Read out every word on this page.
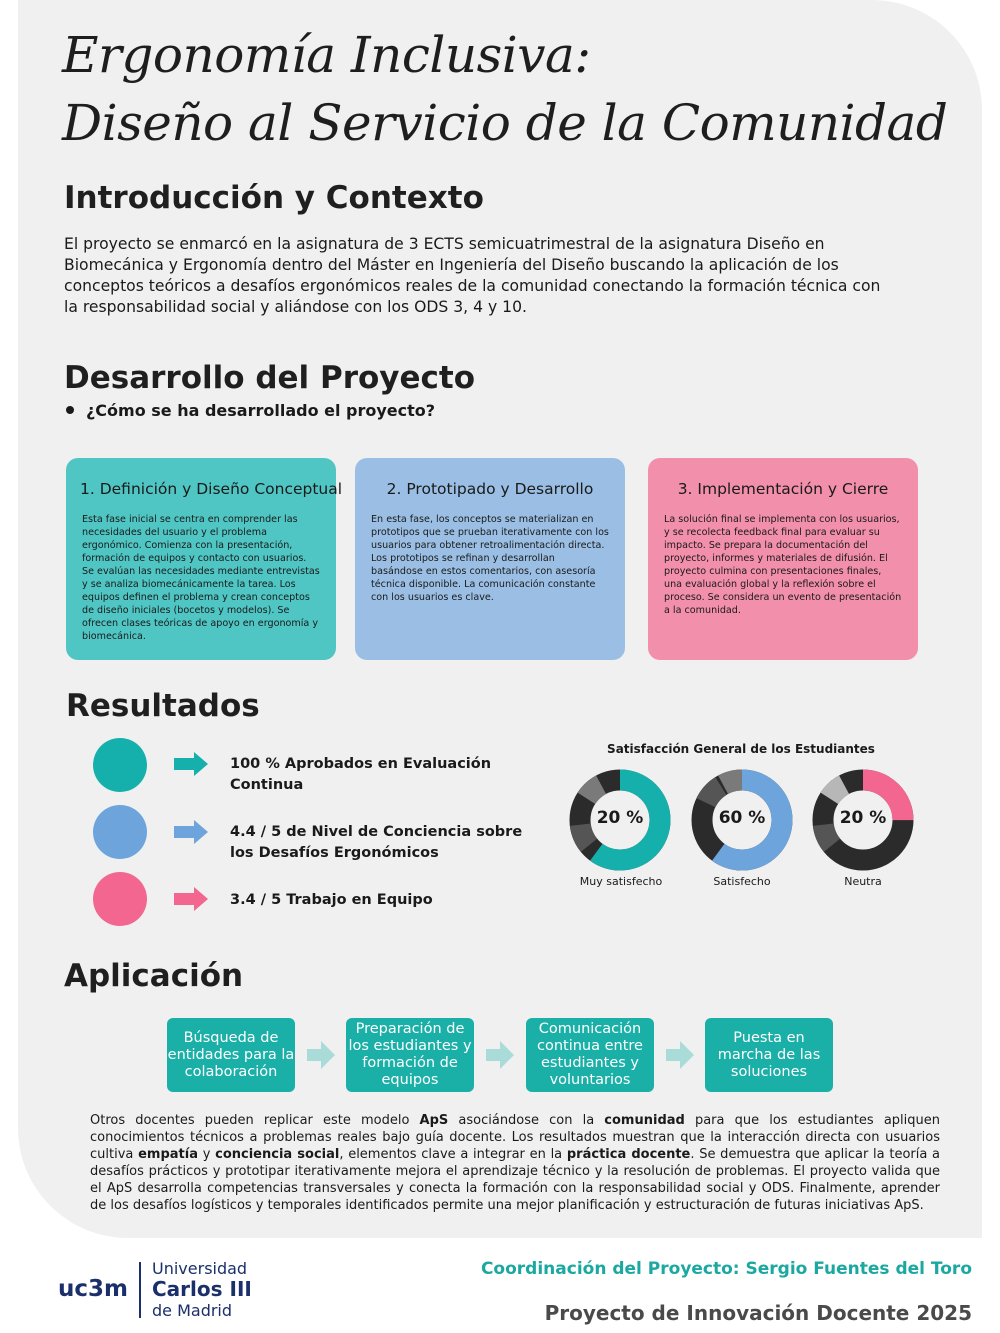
Ergonomía Inclusiva:
Diseño al Servicio de la Comunidad
Introducción y Contexto
El proyecto se enmarcó en la asignatura de 3 ECTS semicuatrimestral de la asignatura Diseño en Biomecánica y Ergonomía dentro del Máster en Ingeniería del Diseño buscando la aplicación de los conceptos teóricos a desafíos ergonómicos reales de la comunidad conectando la formación técnica con la responsabilidad social y aliándose con los ODS 3, 4 y 10.
Desarrollo del Proyecto
¿Cómo se ha desarrollado el proyecto?
1. Definición y Diseño Conceptual
Esta fase inicial se centra en comprender las necesidades del usuario y el problema ergonómico. Comienza con la presentación, formación de equipos y contacto con usuarios. Se evalúan las necesidades mediante entrevistas y se analiza biomecánicamente la tarea. Los equipos definen el problema y crean conceptos de diseño iniciales (bocetos y modelos). Se ofrecen clases teóricas de apoyo en ergonomía y biomecánica.
2. Prototipado y Desarrollo
En esta fase, los conceptos se materializan en prototipos que se prueban iterativamente con los usuarios para obtener retroalimentación directa. Los prototipos se refinan y desarrollan basándose en estos comentarios, con asesoría técnica disponible. La comunicación constante con los usuarios es clave.
3. Implementación y Cierre
La solución final se implementa con los usuarios, y se recolecta feedback final para evaluar su impacto. Se prepara la documentación del proyecto, informes y materiales de difusión. El proyecto culmina con presentaciones finales, una evaluación global y la reflexión sobre el proceso. Se considera un evento de presentación a la comunidad.
Resultados
100 % Aprobados en Evaluación Continua
4.4 / 5 de Nivel de Conciencia sobre los Desafíos Ergonómicos
3.4 / 5 Trabajo en Equipo
Satisfacción General de los Estudiantes
20 %	60 %	20 %
Muy satisfecho	Satisfecho	Neutra
Aplicación
Búsqueda de entidades para la colaboración
Preparación de los estudiantes y formación de equipos
Comunicación continua entre estudiantes y voluntarios
Puesta en marcha de las soluciones
Otros docentes pueden replicar este modelo ApS asociándose con la comunidad para que los estudiantes apliquen conocimientos técnicos a problemas reales bajo guía docente. Los resultados muestran que la interacción directa con usuarios cultiva empatía y conciencia social, elementos clave a integrar en la práctica docente. Se demuestra que aplicar la teoría a desafíos prácticos y prototipar iterativamente mejora el aprendizaje técnico y la resolución de problemas. El proyecto valida que el ApS desarrolla competencias transversales y conecta la formación con la responsabilidad social y ODS. Finalmente, aprender de los desafíos logísticos y temporales identificados permite una mejor planificación y estructuración de futuras iniciativas ApS.
uc3m
Universidad
Carlos III
de Madrid
Coordinación del Proyecto: Sergio Fuentes del Toro
Proyecto de Innovación Docente 2025
